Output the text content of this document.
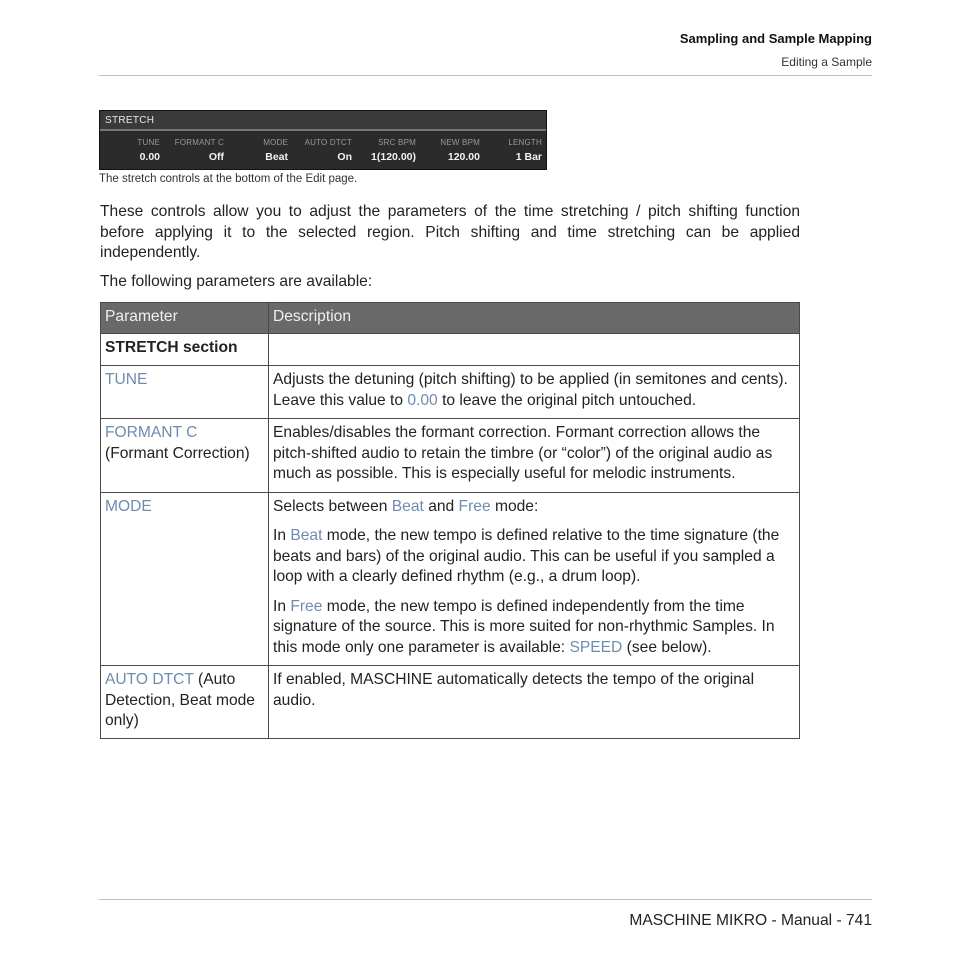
Sampling and Sample Mapping
Editing a Sample
STRETCH
TUNE
0.00
FORMANT C
Off
MODE
Beat
AUTO DTCT
On
SRC BPM
1(120.00)
NEW BPM
120.00
LENGTH
1 Bar
The stretch controls at the bottom of the Edit page.

These controls allow you to adjust the parameters of the time stretching / pitch shifting function before applying it to the selected region. Pitch shifting and time stretching can be applied independently.

The following parameters are available:

Parameter	Description
STRETCH section	
TUNE	Adjusts the detuning (pitch shifting) to be applied (in semitones and cents). Leave this value to 0.00 to leave the original pitch untouched.
FORMANT C
(Formant Correction)	Enables/disables the formant correction. Formant correction allows the pitch-shifted audio to retain the timbre (or “color”) of the original audio as much as possible. This is especially useful for melodic instruments.
MODE	Selects between Beat and Free mode:

In Beat mode, the new tempo is defined relative to the time signature (the beats and bars) of the original audio. This can be useful if you sampled a loop with a clearly defined rhythm (e.g., a drum loop).

In Free mode, the new tempo is defined independently from the time signature of the source. This is more suited for non-rhythmic Samples. In this mode only one parameter is available: SPEED (see below).

AUTO DTCT (Auto Detection, Beat mode only)	If enabled, MASCHINE automatically detects the tempo of the original audio.
MASCHINE MIKRO - Manual - 741
